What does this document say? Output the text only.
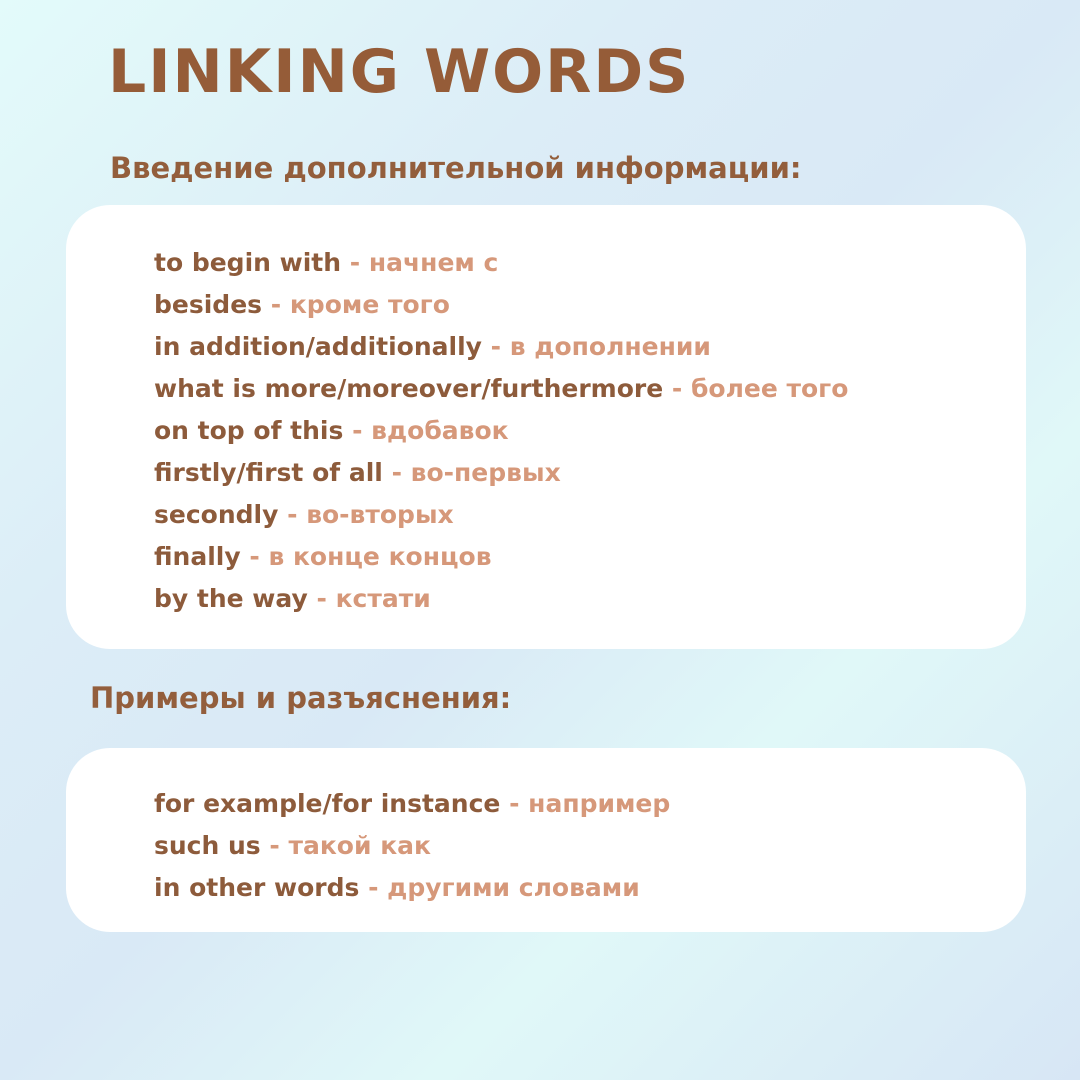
LINKING WORDS
Введение дополнительной информации:
to begin with - начнем с
besides - кроме того
in addition/additionally - в дополнении
what is more/moreover/furthermore - более того
on top of this - вдобавок
firstly/first of all - во-первых
secondly - во-вторых
finally - в конце концов
by the way - кстати
Примеры и разъяснения:
for example/for instance - например
such us - такой как
in other words - другими словами
